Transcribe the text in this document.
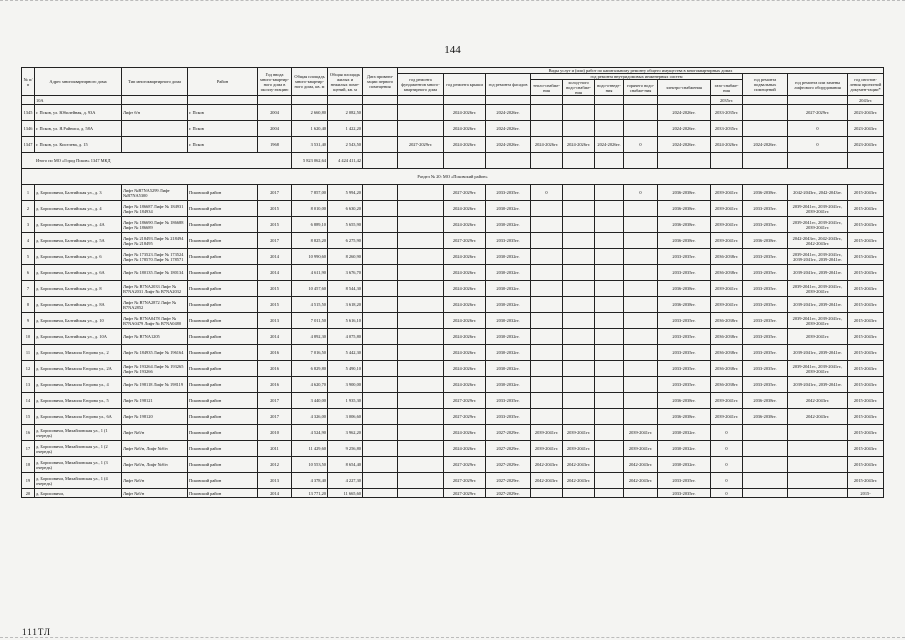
144
№ п/п	Адрес многоквартирного дома	Тип многоквартирного дома	Район	Год ввода много-квартир-ного дома в эксплу-атацию	Общая площадь много-квартир-ного дома, кв. м	Общая площадь жилых и нежилых поме-щений, кв. м	Дата привати-зации первого помещения	Виды услуг и (или) работ по капитальному ремонту общего имущества в многоквартирных домах											
								год ремонта фундаментов много-квартирного дома	год ремонта крыши	год ремонта фасадов	год ремонта внутридомовых инженерных систем						год ремонта подвальных помещений	год ремонта или замены лифтового оборудования	год изготов-ления проектной докумен-тации*
											тепло-снабже-ния	холод-ного водо-снабже-ния	водо-отведе-ния	горячего водо-снабже-ния	электро-снабжения	газо-снабже-ния			
	10А															2035гг.			2043гг.
1345	г. Псков, ул. Юбилейная, д. 93А	Лифт б/н	г. Псков	2004	2 660,80	2 082,50			2024-2026гг.	2024-2026гг.					2024-2026гг.	2033-2035гг.		2027-2029гг.	2023-2043гг.
1346	г. Псков, ул. Я.Райниса, д. 58А		г. Псков	2004	1 620,40	1 422,20			2024-2026гг.	2024-2026гг.					2024-2026гг.	2033-2035гг.		0	2023-2043гг.
1347	г. Псков, ул. Киселева, д. 15		г. Псков	1968	3 531,40	2 543,50		2027-2029гг.	2024-2026гг.	2024-2026гг.	2024-2026гг.	2024-2026гг.	2024-2026гг.	0	2024-2026гг.	2024-2026гг.	2024-2026гг.	0	2023-2043гг.
Итого по МО «Город Псков» 1347 МКД					5 823 062,64	4 424 411,42													
Раздел № 20: МО «Псковский район»																			
1	д. Борисовичи, Балтийская ул., д. 3	Лифт №B7NA5299 Лифт №B7NA5300	Псковский район	2017	7 857,00	5 994,20			2027-2029гг.	2033-2035гг.	0			0	2036-2038гг.	2039-2041гг.	2036-2038гг.	2042-2043гг., 2042-2043гг.	2015-2043гг.
2	д. Борисовичи, Балтийская ул., д. 4	Лифт № 186687 Лифт № 184931 Лифт № 184934	Псковский район	2015	8 010,00	6 630,20			2024-2026гг.	2030-2032гг.					2036-2038гг.	2039-2041гг.	2033-2035гг.	2039-2041гг., 2039-2041гг., 2039-2041гг.	2015-2043гг.
3	д. Борисовичи, Балтийская ул., д. 4А	Лифт № 186690 Лифт № 186688 Лифт № 186689	Псковский район	2015	6 889,10	5 655,90			2024-2026гг.	2030-2032гг.					2036-2038гг.	2039-2041гг.	2033-2035гг.	2039-2041гг., 2039-2041гг., 2039-2041гг.	2015-2043гг.
4	д. Борисовичи, Балтийская ул., д. 5А	Лифт № 218493 Лифт № 218494 Лифт № 218495	Псковский район	2017	8 825,20	6 275,90			2027-2029гг.	2033-2035гг.					2036-2038гг.	2039-2041гг.	2036-2038гг.	2042-2043гг., 2042-2043гг., 2042-2043гг.	2015-2043гг.
5	д. Борисовичи, Балтийская ул., д. 6	Лифт № 173523 Лифт № 173524 Лифт № 178570 Лифт № 178571	Псковский район	2014	10 990,60	8 260,90			2024-2026гг.	2030-2032гг.					2033-2035гг.	2036-2038гг.	2033-2035гг.	2039-2041гг., 2039-2041гг., 2039-2041гг., 2039-2041гг.	2015-2043гг.
6	д. Борисовичи, Балтийская ул., д. 6А	Лифт № 180135 Лифт № 180134	Псковский район	2014	4 611,90	3 676,70			2024-2026гг.	2030-2032гг.					2033-2035гг.	2036-2038гг.	2033-2035гг.	2039-2041гг., 2039-2041гг.	2015-2043гг.
7	д. Борисовичи, Балтийская ул., д. 8	Лифт № B7NA2033 Лифт № B7NA2031 Лифт № B7NA2032	Псковский район	2015	10 457,60	8 544,30			2024-2026гг.	2030-2032гг.					2036-2038гг.	2039-2041гг.	2033-2035гг.	2039-2041гг., 2039-2041гг., 2039-2041гг.	2015-2043гг.
8	д. Борисовичи, Балтийская ул., д. 8А	Лифт № B7NA2872 Лифт № B7NA2852	Псковский район	2015	4 515,50	3 618,20			2024-2026гг.	2030-2032гг.					2036-2038гг.	2039-2041гг.	2033-2035гг.	2039-2041гг., 2039-2041гг.	2015-2043гг.
9	д. Борисовичи, Балтийская ул., д. 10	Лифт № B7NA0478 Лифт № B7NA0479 Лифт № B7NA0480	Псковский район	2013	7 011,50	5 616,10			2024-2026гг.	2030-2032гг.					2033-2035гг.	2036-2038гг.	2033-2035гг.	2039-2041гг., 2039-2041гг., 2039-2041гг.	2015-2043гг.
10	д. Борисовичи, Балтийская ул., д. 10А	Лифт № B7NA1205	Псковский район	2014	4 892,30	4 075,80			2024-2026гг.	2030-2032гг.					2033-2035гг.	2036-2038гг.	2033-2035гг.	2039-2041гг.	2015-2043гг.
11	д. Борисовичи, Михаила Егорова ул., 2	Лифт № 184935 Лифт № 196164	Псковский район	2016	7 016,50	5 442,30			2024-2026гг.	2030-2032гг.					2033-2035гг.	2036-2038гг.	2033-2035гг.	2039-2041гг., 2039-2041гг.	2015-2043гг.
12	д. Борисовичи, Михаила Егорова ул., 2А	Лифт № 193264 Лифт № 193265 Лифт № 193266	Псковский район	2016	6 829,80	5 490,10			2024-2026гг.	2030-2032гг.					2033-2035гг.	2036-2038гг.	2033-2035гг.	2039-2041гг., 2039-2041гг., 2039-2041гг.	2015-2043гг.
13	д. Борисовичи, Михаила Егорова ул., 4	Лифт № 198118 Лифт № 198119	Псковский район	2016	4 620,70	3 900,00			2024-2026гг.	2030-2032гг.					2033-2035гг.	2036-2038гг.	2033-2035гг.	2039-2041гг., 2039-2041гг.	2015-2043гг.
14	д. Борисовичи, Михаила Егорова ул., 5	Лифт № 198121	Псковский район	2017	3 440,00	1 935,30			2027-2029гг.	2033-2035гг.					2036-2038гг.	2039-2041гг.	2036-2038гг.	2042-2043гг.	2015-2043гг.
15	д. Борисовичи, Михаила Егорова ул., 6А	Лифт № 198120	Псковский район	2017	4 326,00	3 006,60			2027-2029гг.	2033-2035гг.					2036-2038гг.	2039-2041гг.	2036-2038гг.	2042-2043гг.	2015-2043гг.
16	д. Борисовичи, Михайловская ул., 1 (1 очередь)	Лифт №б/н	Псковский район	2010	4 524,90	3 962,20			2024-2026гг.	2027-2029гг.	2039-2041гг.	2039-2041гг.		2039-2041гг.	2030-2032гг.	0			2015-2043гг.
17	д. Борисовичи, Михайловская ул., 1 (2 очередь)	Лифт №б/н, Лифт №б/н	Псковский район	2011	11 429,60	9 256,80			2024-2026гг.	2027-2029гг.	2039-2041гг.	2039-2041гг.		2039-2041гг.	2030-2032гг.	0			2015-2043гг.
18	д. Борисовичи, Михайловская ул., 1 (3 очередь)	Лифт №б/н, Лифт №б/н	Псковский район	2012	10 553,50	8 654,40			2027-2029гг.	2027-2029гг.	2042-2043гг.	2042-2043гг.		2042-2043гг.	2030-2032гг.	0			2015-2043гг.
19	д. Борисовичи, Михайловская ул., 1 (4 очередь)	Лифт №б/н	Псковский район	2013	4 378,40	4 227,30			2027-2029гг.	2027-2029гг.	2042-2043гг.	2042-2043гг.		2042-2043гг.	2033-2035гг.	0			2015-2043гг.
20	д. Борисовичи,	Лифт №б/н	Псковский район	2014	13 771,20	11 665,60			2027-2029гг.	2027-2029гг.					2033-2035гг.	0			2015-
111ТЛ
